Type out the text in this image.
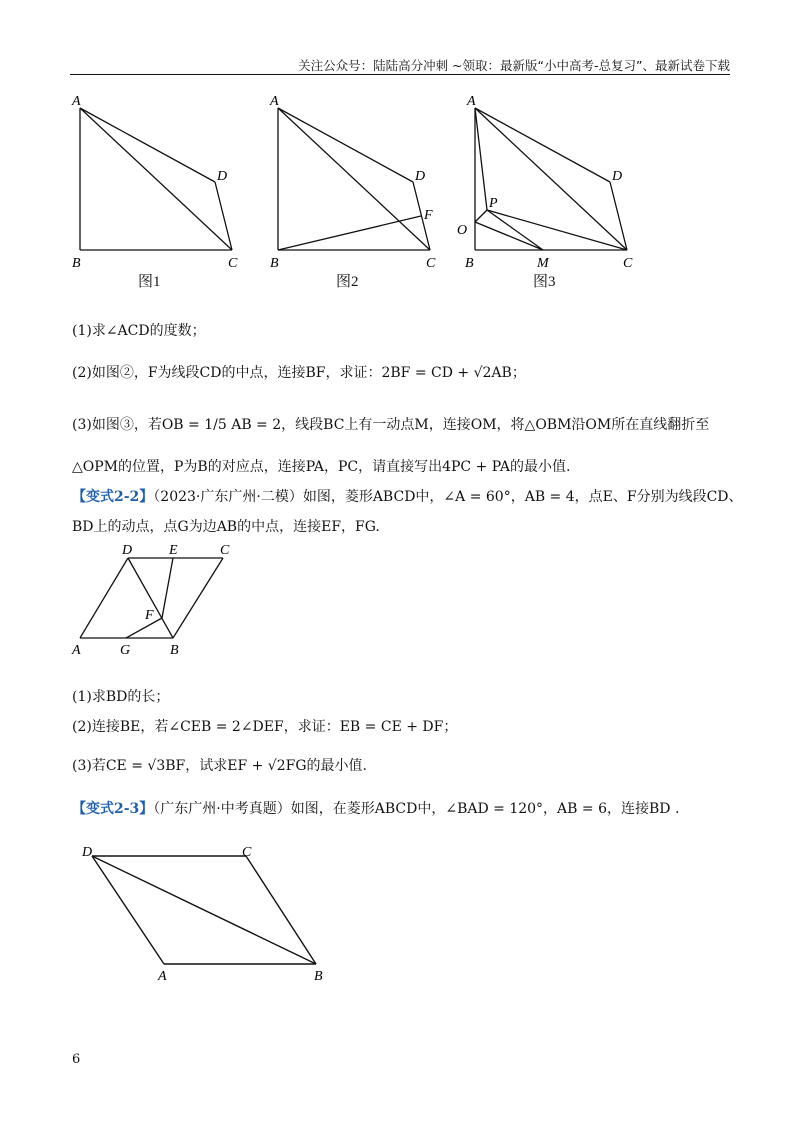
关注公众号：陆陆高分冲刺 ~领取：最新版“小中高考-总复习”、最新试卷下载
A
B	C
D
图1
A
B	C
D
F
图2
A
B	C
D
P
O
M
图3
(1)求∠ACD的度数；
(2)如图②，F为线段CD的中点，连接BF，求证：2BF = CD + √2AB；
(3)如图③，若OB = 1/5 AB = 2，线段BC上有一动点M，连接OM，将△OBM沿OM所在直线翻折至
△OPM的位置，P为B的对应点，连接PA，PC，请直接写出4PC + PA的最小值.
【变式2-2】（2023·广东广州·二模）如图，菱形ABCD中，∠A = 60°，AB = 4，点E、F分别为线段CD、
BD上的动点，点G为边AB的中点，连接EF，FG.
D	E	C
F
A	G	B
(1)求BD的长；
(2)连接BE，若∠CEB = 2∠DEF，求证：EB = CE + DF；
(3)若CE = √3BF，试求EF + √2FG的最小值.
【变式2-3】（广东广州·中考真题）如图，在菱形ABCD中，∠BAD = 120°，AB = 6，连接BD .
D	C
A	B
6
